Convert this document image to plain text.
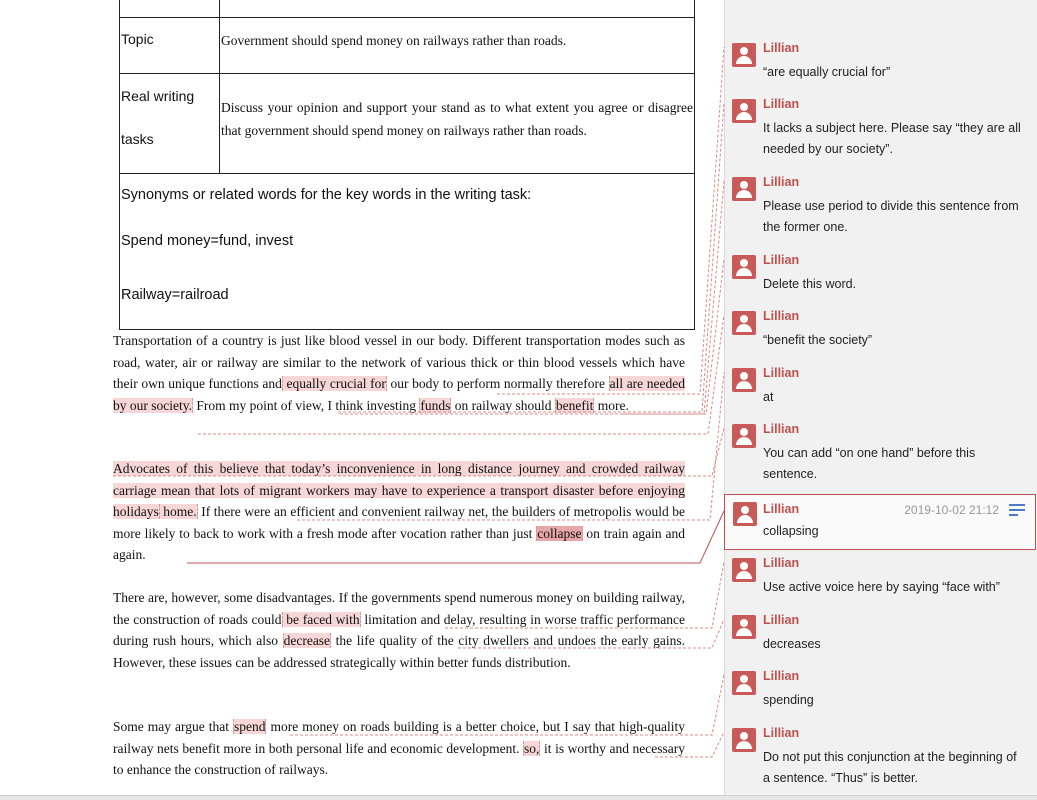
Topic	Government should spend money on railways rather than roads.
Real writing
tasks
Discuss your opinion and support your stand as to what extent you agree or disagree that government should spend money on railways rather than roads.
Synonyms or related words for the key words in the writing task:
Spend money=fund, invest
Railway=railroad
Transportation of a country is just like blood vessel in our body. Different transportation modes such as road, water, air or railway are similar to the network of various thick or thin blood vessels which have their own unique functions and equally crucial for our body to perform normally therefore all are needed by our society. From my point of view, I think investing funds on railway should benefit more.
Advocates of this believe that today’s inconvenience in long distance journey and crowded railway carriage mean that lots of migrant workers may have to experience a transport disaster before enjoying holidays home. If there were an efficient and convenient railway net, the builders of metropolis would be more likely to back to work with a fresh mode after vocation rather than just collapse on train again and again.
There are, however, some disadvantages. If the governments spend numerous money on building railway, the construction of roads could be faced with limitation and delay, resulting in worse traffic performance during rush hours, which also decrease the life quality of the city dwellers and undoes the early gains. However, these issues can be addressed strategically within better funds distribution.
Some may argue that spend more money on roads building is a better choice, but I say that high-quality railway nets benefit more in both personal life and economic development. so, it is worthy and necessary to enhance the construction of railways.
Lillian
“are equally crucial for”
Lillian
It lacks a subject here. Please say “they are all needed by our society”.
Lillian
Please use period to divide this sentence from the former one.
Lillian
Delete this word.
Lillian
“benefit the society”
Lillian
at
Lillian
You can add “on one hand” before this sentence.
Lillian	2019-10-02 21:12
collapsing
Lillian
Use active voice here by saying “face with”
Lillian
decreases
Lillian
spending
Lillian
Do not put this conjunction at the beginning of a sentence. “Thus” is better.
